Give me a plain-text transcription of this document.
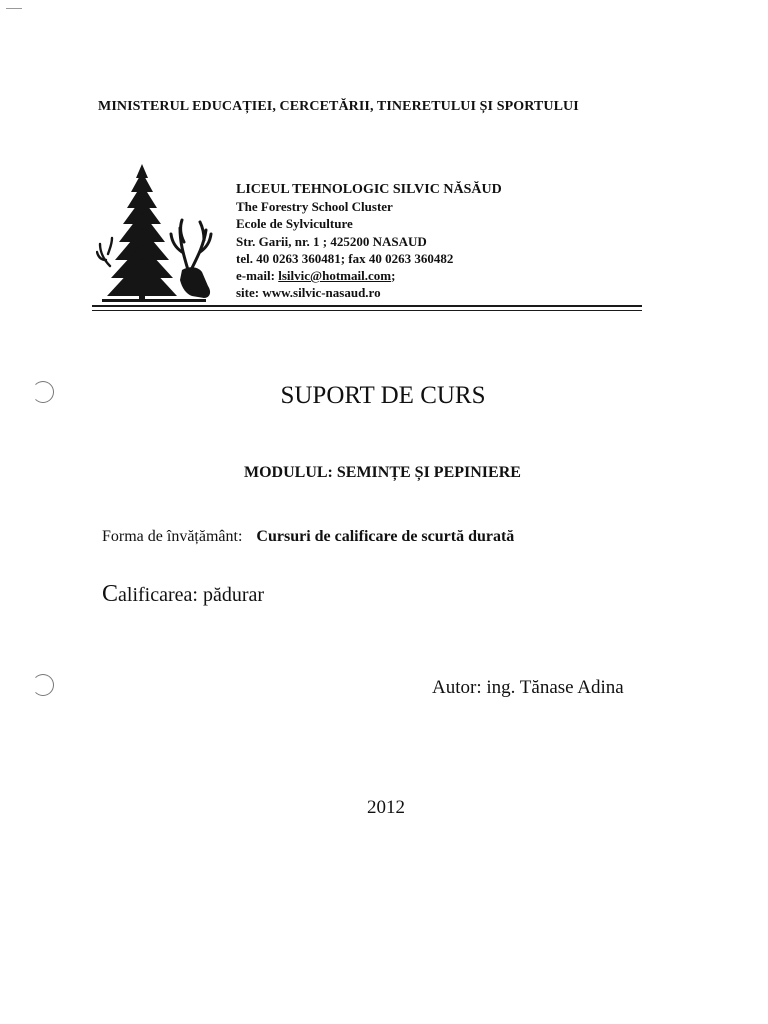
MINISTERUL EDUCAȚIEI, CERCETĂRII, TINERETULUI ȘI SPORTULUI
LICEUL TEHNOLOGIC SILVIC NĂSĂUD
The Forestry School Cluster
Ecole de Sylviculture
Str. Garii, nr. 1 ; 425200 NASAUD
tel. 40 0263 360481; fax 40 0263 360482
e-mail: lsilvic@hotmail.com;
site: www.silvic-nasaud.ro
SUPORT DE CURS
MODULUL: SEMINȚE ȘI PEPINIERE
Forma de învățământ: Cursuri de calificare de scurtă durată
Calificarea: pădurar
Autor: ing. Tănase Adina
2012
